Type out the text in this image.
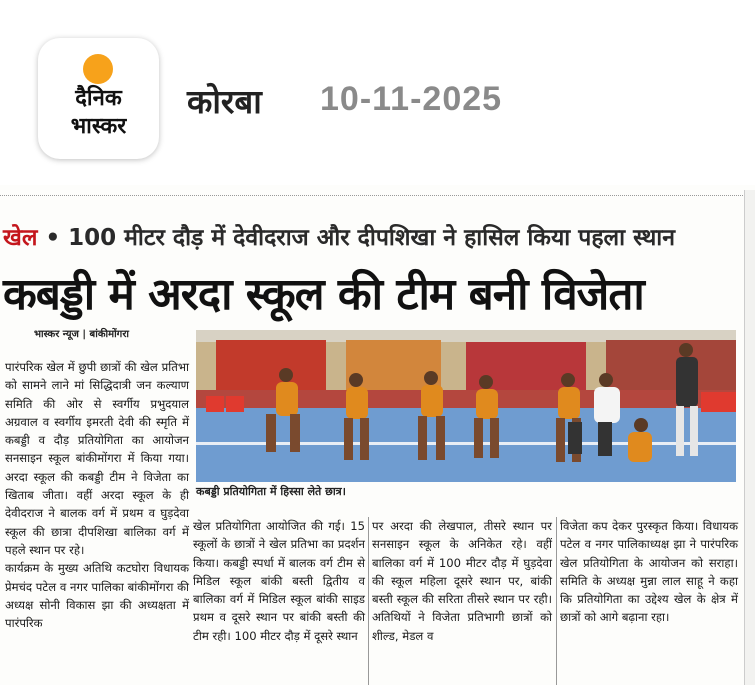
दैनिक
भास्कर
कोरबा 10-11-2025
खेल • 100 मीटर दौड़ में देवीदराज और दीपशिखा ने हासिल किया पहला स्थान
कबड्डी में अरदा स्कूल की टीम बनी विजेता
भास्कर न्यूज | बांकीमोंगरा
कबड्डी प्रतियोगिता में हिस्सा लेते छात्र।

पारंपरिक खेल में छुपी छात्रों की खेल प्रतिभा को सामने लाने मां सिद्धिदात्री जन कल्याण समिति की ओर से स्वर्गीय प्रभुदयाल अग्रवाल व स्वर्गीय इमरती देवी की स्मृति में कबड्डी व दौड़ प्रतियोगिता का आयोजन सनसाइन स्कूल बांकीमोंगरा में किया गया। अरदा स्कूल की कबड्डी टीम ने विजेता का खिताब जीता। वहीं अरदा स्कूल के ही देवीदराज ने बालक वर्ग में प्रथम व घुड़देवा स्कूल की छात्रा दीपशिखा बालिका वर्ग में पहले स्थान पर रहे।

कार्यक्रम के मुख्य अतिथि कटघोरा विधायक प्रेमचंद पटेल व नगर पालिका बांकीमोंगरा की अध्यक्ष सोनी विकास झा की अध्यक्षता में पारंपरिक

खेल प्रतियोगिता आयोजित की गई। 15 स्कूलों के छात्रों ने खेल प्रतिभा का प्रदर्शन किया। कबड्डी स्पर्धा में बालक वर्ग टीम से मिडिल स्कूल बांकी बस्ती द्वितीय व बालिका वर्ग में मिडिल स्कूल बांकी साइड प्रथम व दूसरे स्थान पर बांकी बस्ती की टीम रही। 100 मीटर दौड़ में दूसरे स्थान
पर अरदा की लेखपाल, तीसरे स्थान पर सनसाइन स्कूल के अनिकेत रहे। वहीं बालिका वर्ग में 100 मीटर दौड़ में घुड़देवा की स्कूल महिला दूसरे स्थान पर, बांकी बस्ती स्कूल की सरिता तीसरे स्थान पर रही। अतिथियों ने विजेता प्रतिभागी छात्रों को शील्ड, मेडल व
विजेता कप देकर पुरस्कृत किया। विधायक पटेल व नगर पालिकाध्यक्ष झा ने पारंपरिक खेल प्रतियोगिता के आयोजन को सराहा। समिति के अध्यक्ष मुन्ना लाल साहू ने कहा कि प्रतियोगिता का उद्देश्य खेल के क्षेत्र में छात्रों को आगे बढ़ाना रहा।
